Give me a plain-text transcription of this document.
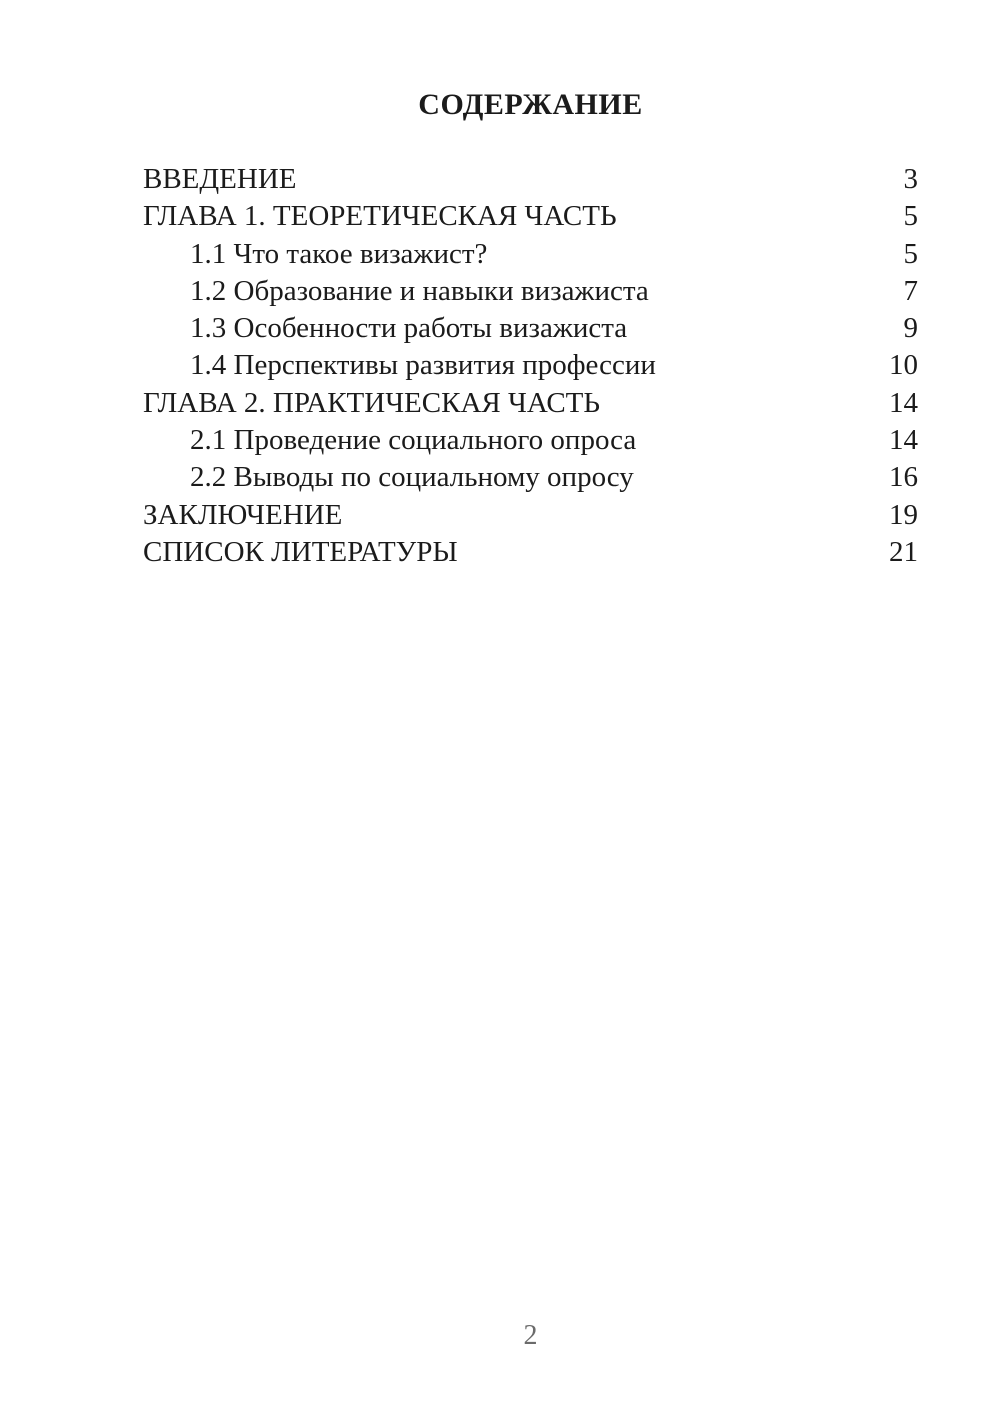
СОДЕРЖАНИЕ
ВВЕДЕНИЕ	3
ГЛАВА 1. ТЕОРЕТИЧЕСКАЯ ЧАСТЬ	5
1.1 Что такое визажист?	5
1.2 Образование и навыки визажиста	7
1.3 Особенности работы визажиста	9
1.4 Перспективы развития профессии	10
ГЛАВА 2. ПРАКТИЧЕСКАЯ ЧАСТЬ	14
2.1 Проведение социального опроса	14
2.2 Выводы по социальному опросу	16
ЗАКЛЮЧЕНИЕ	19
СПИСОК ЛИТЕРАТУРЫ	21
2
